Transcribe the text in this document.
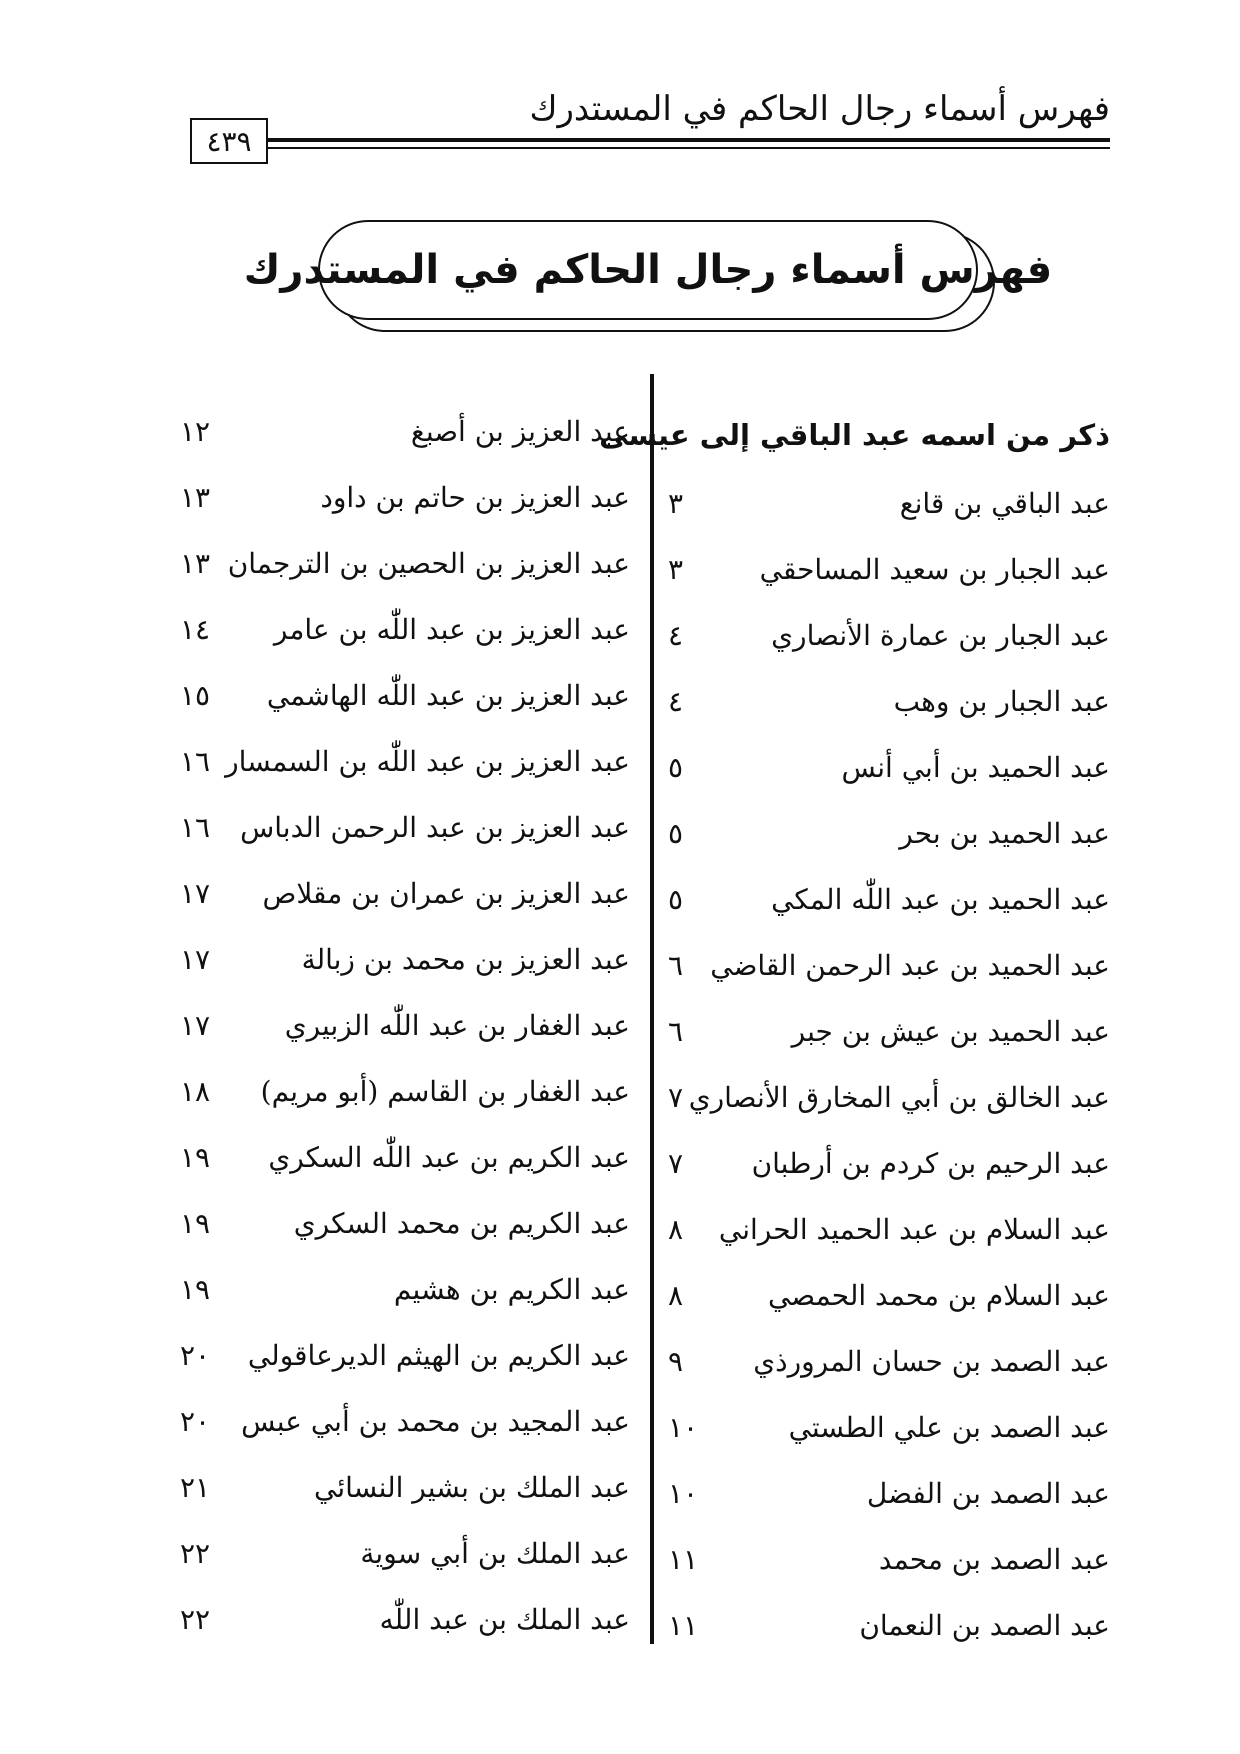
فهرس أسماء رجال الحاكم في المستدرك
٤٣٩
فهرس أسماء رجال الحاكم في المستدرك
ذكر من اسمه عبد الباقي إلى عيسى
عبد الباقي بن قانع
٣
عبد الجبار بن سعيد المساحقي
٣
عبد الجبار بن عمارة الأنصاري
٤
عبد الجبار بن وهب
٤
عبد الحميد بن أبي أنس
٥
عبد الحميد بن بحر
٥
عبد الحميد بن عبد اللّٰه المكي
٥
عبد الحميد بن عبد الرحمن القاضي
٦
عبد الحميد بن عيش بن جبر
٦
عبد الخالق بن أبي المخارق الأنصاري
٧
عبد الرحيم بن كردم بن أرطبان
٧
عبد السلام بن عبد الحميد الحراني
٨
عبد السلام بن محمد الحمصي
٨
عبد الصمد بن حسان المرورذي
٩
عبد الصمد بن علي الطستي
١٠
عبد الصمد بن الفضل
١٠
عبد الصمد بن محمد
١١
عبد الصمد بن النعمان
١١
عبد العزيز بن أصبغ
١٢
عبد العزيز بن حاتم بن داود
١٣
عبد العزيز بن الحصين بن الترجمان
١٣
عبد العزيز بن عبد اللّٰه بن عامر
١٤
عبد العزيز بن عبد اللّٰه الهاشمي
١٥
عبد العزيز بن عبد اللّٰه بن السمسار
١٦
عبد العزيز بن عبد الرحمن الدباس
١٦
عبد العزيز بن عمران بن مقلاص
١٧
عبد العزيز بن محمد بن زبالة
١٧
عبد الغفار بن عبد اللّٰه الزبيري
١٧
عبد الغفار بن القاسم (أبو مريم)
١٨
عبد الكريم بن عبد اللّٰه السكري
١٩
عبد الكريم بن محمد السكري
١٩
عبد الكريم بن هشيم
١٩
عبد الكريم بن الهيثم الديرعاقولي
٢٠
عبد المجيد بن محمد بن أبي عبس
٢٠
عبد الملك بن بشير النسائي
٢١
عبد الملك بن أبي سوية
٢٢
عبد الملك بن عبد اللّٰه
٢٢
